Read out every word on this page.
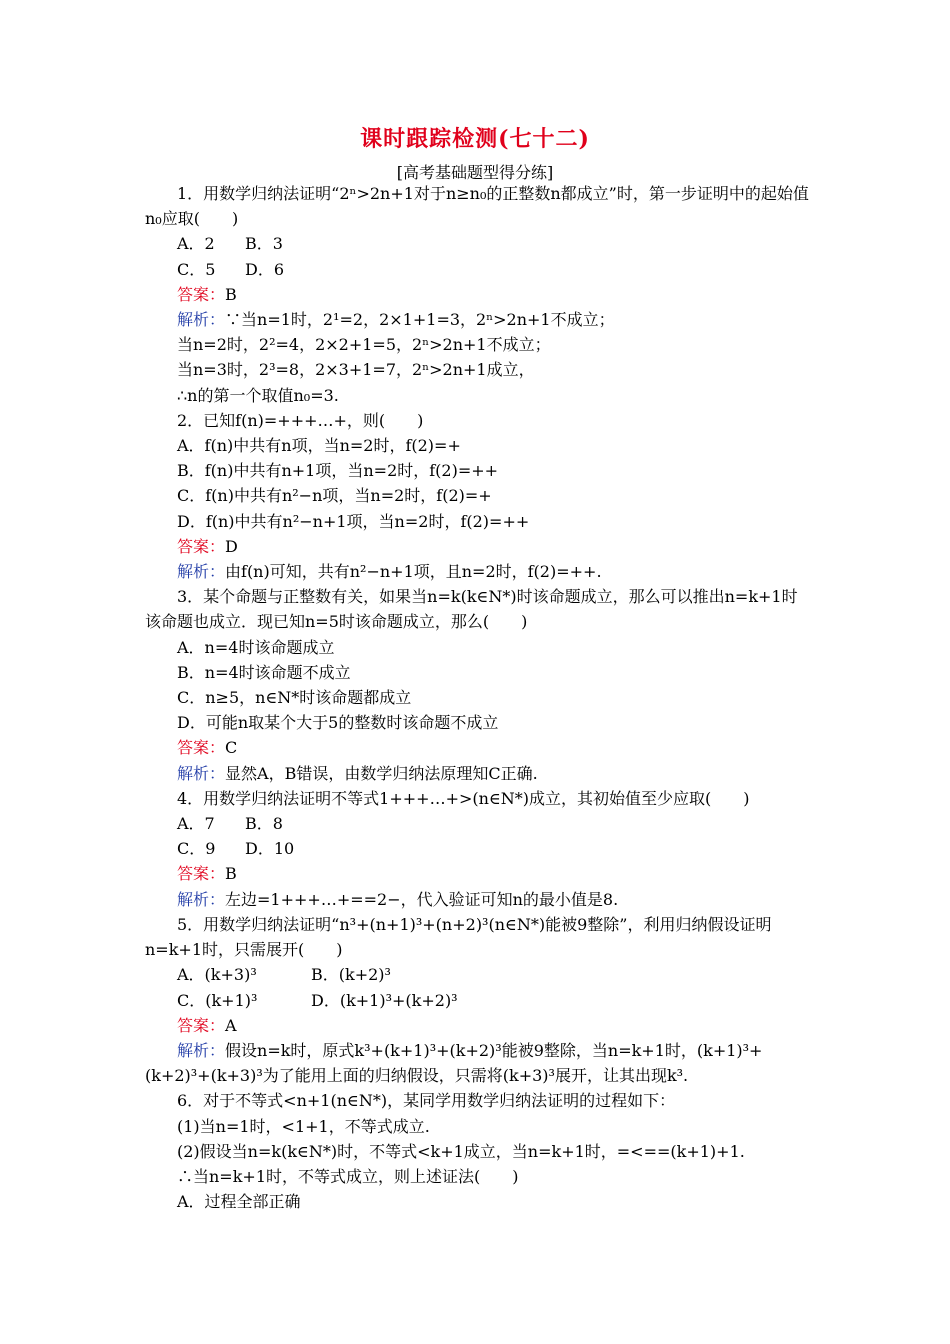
课时跟踪检测(七十二)
[高考基础题型得分练]
1．用数学归纳法证明“2ⁿ>2n+1对于n≥n₀的正整数n都成立”时，第一步证明中的起始值n₀应取(　　)
A．2 B．3
C．5 D．6
答案：B
解析：∵当n=1时，2¹=2，2×1+1=3，2ⁿ>2n+1不成立；
当n=2时，2²=4，2×2+1=5，2ⁿ>2n+1不成立；
当n=3时，2³=8，2×3+1=7，2ⁿ>2n+1成立，
∴n的第一个取值n₀=3.
2．已知f(n)=+++…+，则(　　)
A．f(n)中共有n项，当n=2时，f(2)=+
B．f(n)中共有n+1项，当n=2时，f(2)=++
C．f(n)中共有n²−n项，当n=2时，f(2)=+
D．f(n)中共有n²−n+1项，当n=2时，f(2)=++
答案：D
解析：由f(n)可知，共有n²−n+1项，且n=2时，f(2)=++.
3．某个命题与正整数有关，如果当n=k(k∈N*)时该命题成立，那么可以推出n=k+1时该命题也成立．现已知n=5时该命题成立，那么(　　)
A．n=4时该命题成立
B．n=4时该命题不成立
C．n≥5，n∈N*时该命题都成立
D．可能n取某个大于5的整数时该命题不成立
答案：C
解析：显然A，B错误，由数学归纳法原理知C正确.
4．用数学归纳法证明不等式1+++…+>(n∈N*)成立，其初始值至少应取(　　)
A．7 B．8
C．9 D．10
答案：B
解析：左边=1+++…+==2−，代入验证可知n的最小值是8.
5．用数学归纳法证明“n³+(n+1)³+(n+2)³(n∈N*)能被9整除”，利用归纳假设证明n=k+1时，只需展开(　　)
A．(k+3)³	B．(k+2)³
C．(k+1)³	D．(k+1)³+(k+2)³
答案：A
解析：假设n=k时，原式k³+(k+1)³+(k+2)³能被9整除，当n=k+1时，(k+1)³+(k+2)³+(k+3)³为了能用上面的归纳假设，只需将(k+3)³展开，让其出现k³.
6．对于不等式<n+1(n∈N*)，某同学用数学归纳法证明的过程如下：
(1)当n=1时，<1+1，不等式成立.
(2)假设当n=k(k∈N*)时，不等式<k+1成立，当n=k+1时，=<==(k+1)+1.
∴当n=k+1时，不等式成立，则上述证法(　　)
A．过程全部正确
